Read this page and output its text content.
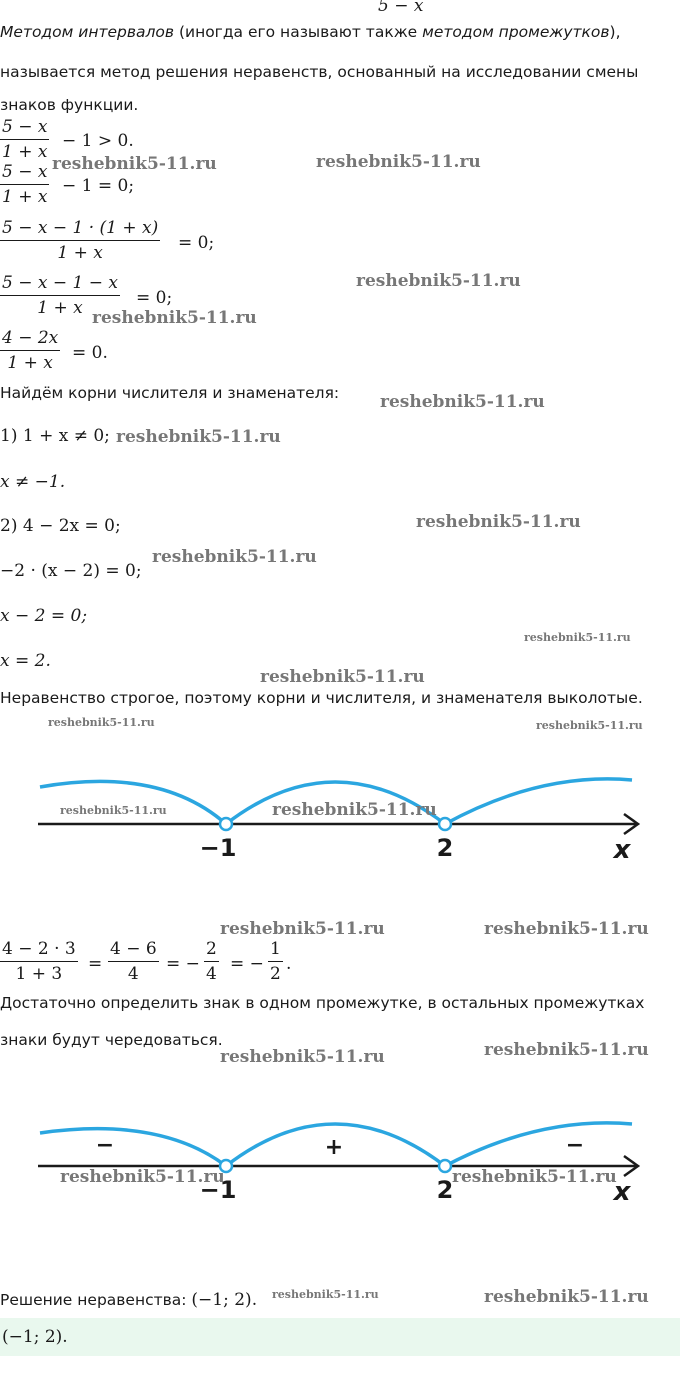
5 − x
Методом интервалов (иногда его называют также методом промежутков),
называется метод решения неравенств, основанный на исследовании смены
знаков функции.
5 − x
1 + x
− 1 > 0.
5 − x
1 + x
− 1 = 0;
5 − x − 1 · (1 + x)
1 + x	= 0;
5 − x − 1 − x
1 + x	= 0;
4 − 2x
1 + x	= 0.
Найдём корни числителя и знаменателя:
1) 1 + x ≠ 0;
x ≠ −1.
2) 4 − 2x = 0;
−2 · (x − 2) = 0;
x − 2 = 0;
x = 2.
Неравенство строгое, поэтому корни и числителя, и знаменателя выколотые.
−1	2	x
4 − 2 · 3
1 + 3	=
4 − 6
4	= −
2
4 = −
1
2 .
Достаточно определить знак в одном промежутке, в остальных промежутках
знаки будут чередоваться.
−	+	−
−1	2	x
Решение неравенства: (−1; 2).
(−1; 2).
reshebnik5-11.ru	reshebnik5-11.ru
reshebnik5-11.ru
reshebnik5-11.ru
reshebnik5-11.ru
reshebnik5-11.ru
reshebnik5-11.ru
reshebnik5-11.ru
reshebnik5-11.ru
reshebnik5-11.ru
reshebnik5-11.ru	reshebnik5-11.ru
reshebnik5-11.ru	reshebnik5-11.ru
reshebnik5-11.ru	reshebnik5-11.ru
reshebnik5-11.ru	reshebnik5-11.ru
reshebnik5-11.ru	reshebnik5-11.ru
reshebnik5-11.ru	reshebnik5-11.ru
